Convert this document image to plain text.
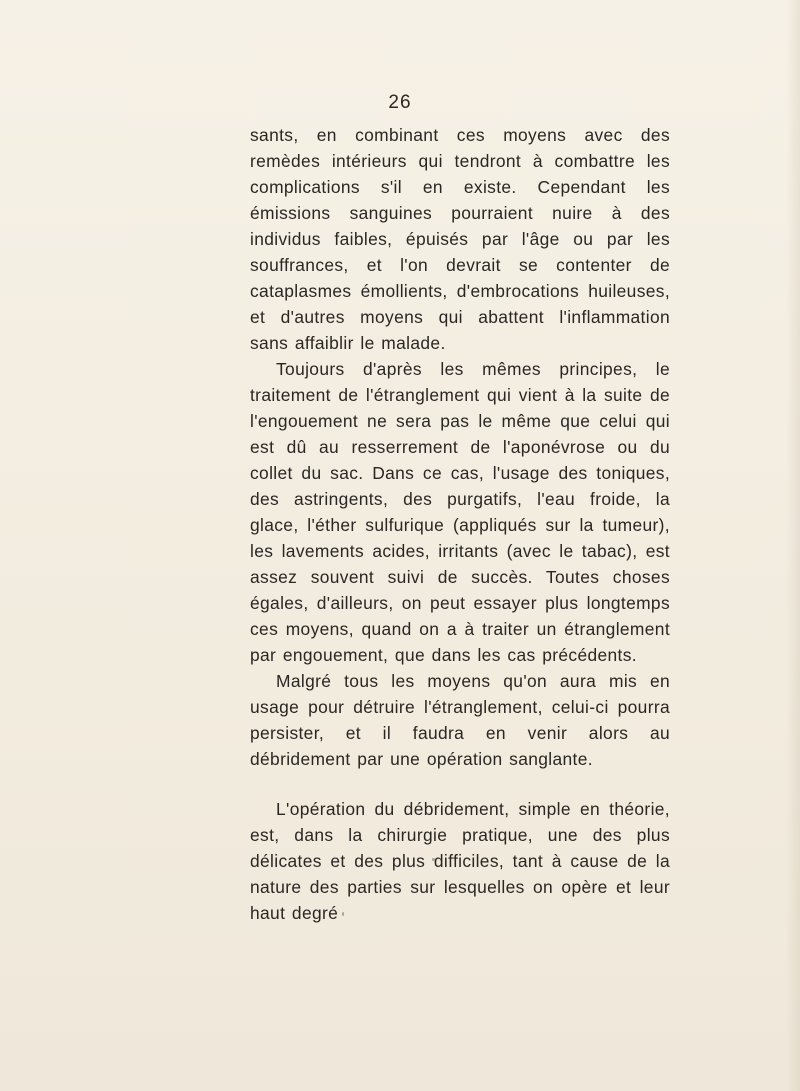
26

sants, en combinant ces moyens avec des remèdes intérieurs qui tendront à combattre les complications s'il en existe. Cependant les émissions sanguines pourraient nuire à des individus faibles, épuisés par l'âge ou par les souffrances, et l'on devrait se contenter de cataplasmes émollients, d'embrocations huileuses, et d'autres moyens qui abattent l'inflammation sans affaiblir le malade.

Toujours d'après les mêmes principes, le traitement de l'étranglement qui vient à la suite de l'engouement ne sera pas le même que celui qui est dû au resserrement de l'aponévrose ou du collet du sac. Dans ce cas, l'usage des toniques, des astringents, des purgatifs, l'eau froide, la glace, l'éther sulfurique (appliqués sur la tumeur), les lavements acides, irritants (avec le tabac), est assez souvent suivi de succès. Toutes choses égales, d'ailleurs, on peut essayer plus longtemps ces moyens, quand on a à traiter un étranglement par engouement, que dans les cas précédents.

Malgré tous les moyens qu'on aura mis en usage pour détruire l'étranglement, celui-ci pourra persister, et il faudra en venir alors au débridement par une opération sanglante.

L'opération du débridement, simple en théorie, est, dans la chirurgie pratique, une des plus délicates et des plus difficiles, tant à cause de la nature des parties sur lesquelles on opère et leur haut degré
